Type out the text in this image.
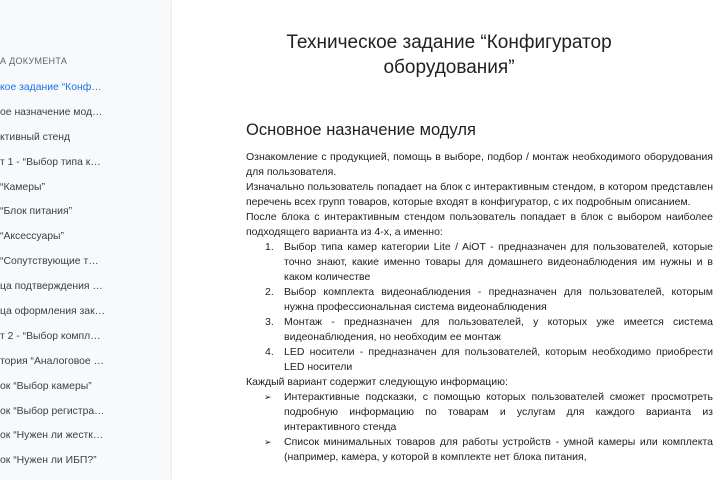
А ДОКУМЕНТА
кое задание “Конф…
ое назначение мод…
ктивный стенд
т 1 - “Выбор типа к…
“Камеры”
“Блок питания”
“Аксессуары”
“Сопутствующие т…
ца подтверждения …
ца оформления зак…
т 2 - “Выбор компл…
тория “Аналоговое …
ок “Выбор камеры”
ок “Выбор регистра…
ок “Нужен ли жестк…
ок “Нужен ли ИБП?”
Техническое задание “Конфигуратор оборудования”
Основное назначение модуля

Ознакомление с продукцией, помощь в выборе, подбор / монтаж необходимого оборудования для пользователя.

Изначально пользователь попадает на блок с интерактивным стендом, в котором представлен перечень всех групп товаров, которые входят в конфигуратор, с их подробным описанием.

После блока с интерактивным стендом пользователь попадает в блок с выбором наиболее подходящего варианта из 4-х, а именно:

1. Выбор типа камер категории Lite / AiOT - предназначен для пользователей, которые точно знают, какие именно товары для домашнего видеонаблюдения им нужны и в каком количестве
2. Выбор комплекта видеонаблюдения - предназначен для пользователей, которым нужна профессиональная система видеонаблюдения
3. Монтаж - предназначен для пользователей, у которых уже имеется система видеонаблюдения, но необходим ее монтаж
4. LED носители - предназначен для пользователей, которым необходимо приобрести LED носители

Каждый вариант содержит следующую информацию:

➢ Интерактивные подсказки, с помощью которых пользователей сможет просмотреть подробную информацию по товарам и услугам для каждого варианта из интерактивного стенда
➢ Список минимальных товаров для работы устройств - умной камеры или комплекта (например, камера, у которой в комплекте нет блока питания,
